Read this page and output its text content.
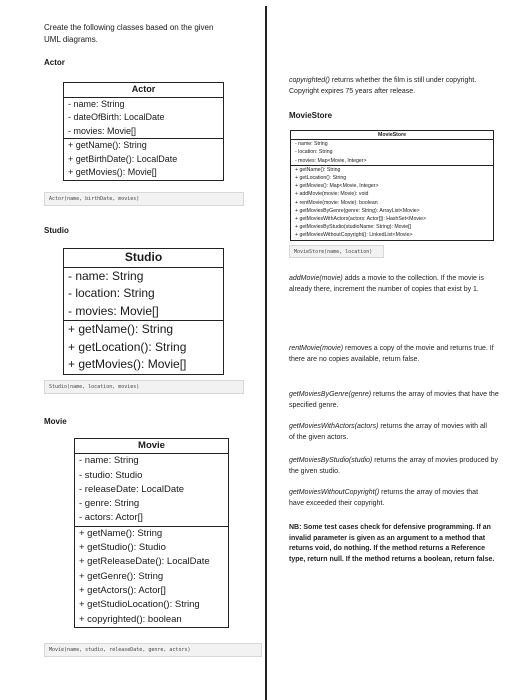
Create the following classes based on the given
UML diagrams.
Actor
Actor
- name: String
- dateOfBirth: LocalDate
- movies: Movie[]
+ getName(): String
+ getBirthDate(): LocalDate
+ getMovies(): Movie[]
Actor(name, birthDate, movies)
Studio
Studio
- name: String
- location: String
- movies: Movie[]
+ getName(): String
+ getLocation(): String
+ getMovies(): Movie[]
Studio(name, location, movies)
Movie
Movie
- name: String
- studio: Studio
- releaseDate: LocalDate
- genre: String
- actors: Actor[]
+ getName(): String
+ getStudio(): Studio
+ getReleaseDate(): LocalDate
+ getGenre(): String
+ getActors(): Actor[]
+ getStudioLocation(): String
+ copyrighted(): boolean
Movie(name, studio, releaseDate, genre, actors)
copyrighted() returns whether the film is still under copyright. Copyright expires 75 years after release.
MovieStore
MovieStore
- name: String
- location: String
- movies: Map<Movie, Integer>
+ getName(): String
+ getLocation(): String
+ getMovies(): Map<Movie, Integer>
+ addMovie(movie: Movie): void
+ rentMovie(movie: Movie): boolean
+ getMoviesByGenre(genre: String): ArrayList<Movie>
+ getMoviesWithActors(actors: Actor[]): HashSet<Movie>
+ getMoviesByStudio(studioName: String): Movie[]
+ getMoviesWithoutCopyright(): LinkedList<Movie>
MovieStore(name, location)
addMovie(movie) adds a movie to the collection. If the movie is already there, increment the number of copies that exist by 1.
rentMovie(movie) removes a copy of the movie and returns true. If there are no copies available, return false.
getMoviesByGenre(genre) returns the array of movies that have the specified genre.
getMoviesWithActors(actors) returns the array of movies with all of the given actors.
getMoviesByStudio(studio) returns the array of movies produced by the given studio.
getMoviesWithoutCopyright() returns the array of movies that have exceeded their copyright.
NB: Some test cases check for defensive programming. If an invalid parameter is given as an argument to a method that returns void, do nothing. If the method returns a Reference type, return null. If the method returns a boolean, return false.
